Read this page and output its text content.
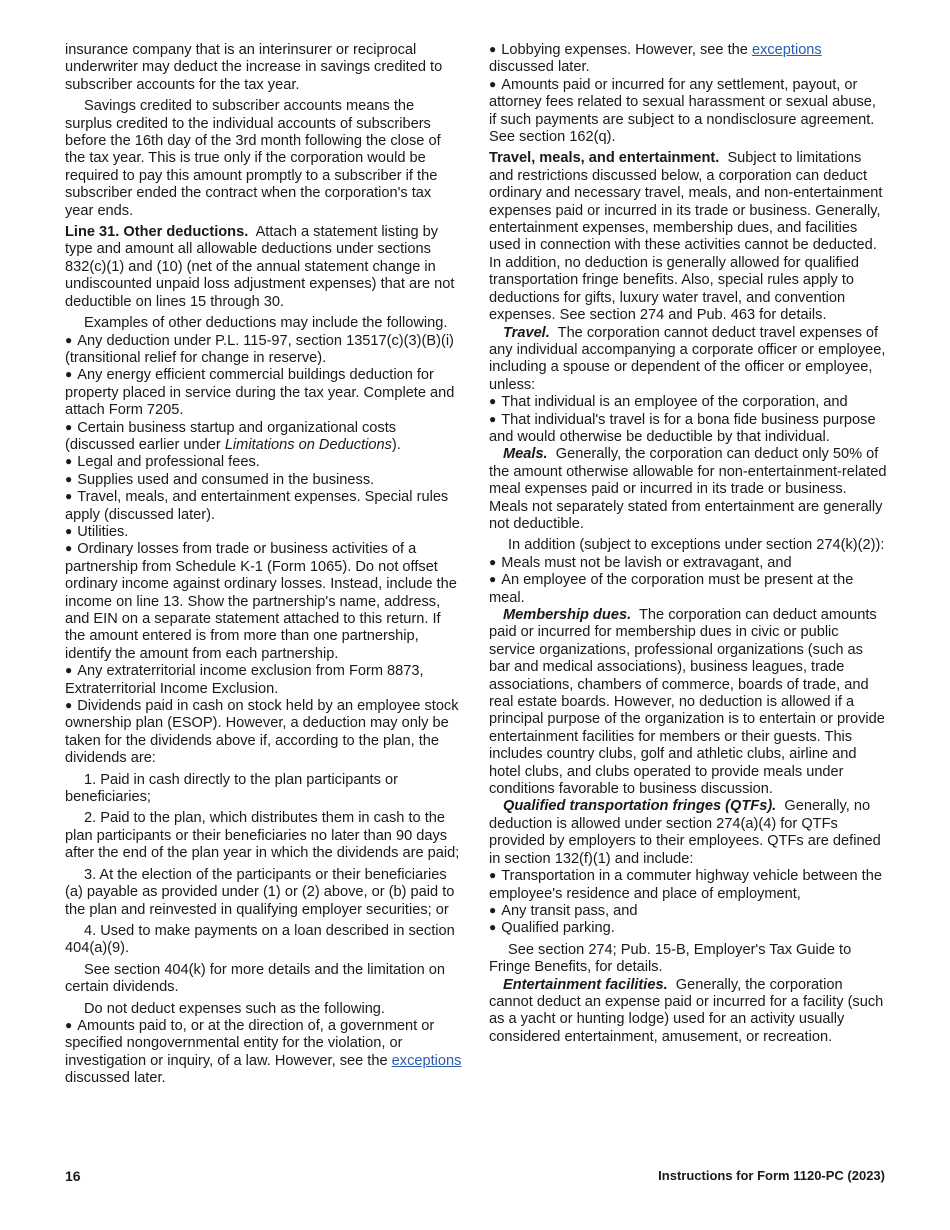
insurance company that is an interinsurer or reciprocal underwriter may deduct the increase in savings credited to subscriber accounts for the tax year.

Savings credited to subscriber accounts means the surplus credited to the individual accounts of subscribers before the 16th day of the 3rd month following the close of the tax year. This is true only if the corporation would be required to pay this amount promptly to a subscriber if the subscriber ended the contract when the corporation's tax year ends.

Line 31. Other deductions. Attach a statement listing by type and amount all allowable deductions under sections 832(c)(1) and (10) (net of the annual statement change in undiscounted unpaid loss adjustment expenses) that are not deductible on lines 15 through 30.

Examples of other deductions may include the following.

● Any deduction under P.L. 115-97, section 13517(c)(3)(B)(i) (transitional relief for change in reserve).
● Any energy efficient commercial buildings deduction for property placed in service during the tax year. Complete and attach Form 7205.
● Certain business startup and organizational costs (discussed earlier under Limitations on Deductions).
● Legal and professional fees.
● Supplies used and consumed in the business.
● Travel, meals, and entertainment expenses. Special rules apply (discussed later).
● Utilities.
● Ordinary losses from trade or business activities of a partnership from Schedule K-1 (Form 1065). Do not offset ordinary income against ordinary losses. Instead, include the income on line 13. Show the partnership's name, address, and EIN on a separate statement attached to this return. If the amount entered is from more than one partnership, identify the amount from each partnership.
● Any extraterritorial income exclusion from Form 8873, Extraterritorial Income Exclusion.
● Dividends paid in cash on stock held by an employee stock ownership plan (ESOP). However, a deduction may only be taken for the dividends above if, according to the plan, the dividends are:

1. Paid in cash directly to the plan participants or beneficiaries;

2. Paid to the plan, which distributes them in cash to the plan participants or their beneficiaries no later than 90 days after the end of the plan year in which the dividends are paid;

3. At the election of the participants or their beneficiaries (a) payable as provided under (1) or (2) above, or (b) paid to the plan and reinvested in qualifying employer securities; or

4. Used to make payments on a loan described in section 404(a)(9).

See section 404(k) for more details and the limitation on certain dividends.

Do not deduct expenses such as the following.

● Amounts paid to, or at the direction of, a government or specified nongovernmental entity for the violation, or investigation or inquiry, of a law. However, see the exceptions discussed later.
● Lobbying expenses. However, see the exceptions discussed later.
● Amounts paid or incurred for any settlement, payout, or attorney fees related to sexual harassment or sexual abuse, if such payments are subject to a nondisclosure agreement. See section 162(q).

Travel, meals, and entertainment. Subject to limitations and restrictions discussed below, a corporation can deduct ordinary and necessary travel, meals, and non-entertainment expenses paid or incurred in its trade or business. Generally, entertainment expenses, membership dues, and facilities used in connection with these activities cannot be deducted. In addition, no deduction is generally allowed for qualified transportation fringe benefits. Also, special rules apply to deductions for gifts, luxury water travel, and convention expenses. See section 274 and Pub. 463 for details.

Travel. The corporation cannot deduct travel expenses of any individual accompanying a corporate officer or employee, including a spouse or dependent of the officer or employee, unless:

● That individual is an employee of the corporation, and
● That individual's travel is for a bona fide business purpose and would otherwise be deductible by that individual.

Meals. Generally, the corporation can deduct only 50% of the amount otherwise allowable for non-entertainment-related meal expenses paid or incurred in its trade or business. Meals not separately stated from entertainment are generally not deductible.

In addition (subject to exceptions under section 274(k)(2)):

● Meals must not be lavish or extravagant, and
● An employee of the corporation must be present at the meal.

Membership dues. The corporation can deduct amounts paid or incurred for membership dues in civic or public service organizations, professional organizations (such as bar and medical associations), business leagues, trade associations, chambers of commerce, boards of trade, and real estate boards. However, no deduction is allowed if a principal purpose of the organization is to entertain or provide entertainment facilities for members or their guests. This includes country clubs, golf and athletic clubs, airline and hotel clubs, and clubs operated to provide meals under conditions favorable to business discussion.

Qualified transportation fringes (QTFs). Generally, no deduction is allowed under section 274(a)(4) for QTFs provided by employers to their employees. QTFs are defined in section 132(f)(1) and include:

● Transportation in a commuter highway vehicle between the employee's residence and place of employment,
● Any transit pass, and
● Qualified parking.

See section 274; Pub. 15-B, Employer's Tax Guide to Fringe Benefits, for details.

Entertainment facilities. Generally, the corporation cannot deduct an expense paid or incurred for a facility (such as a yacht or hunting lodge) used for an activity usually considered entertainment, amusement, or recreation.

16	Instructions for Form 1120-PC (2023)
